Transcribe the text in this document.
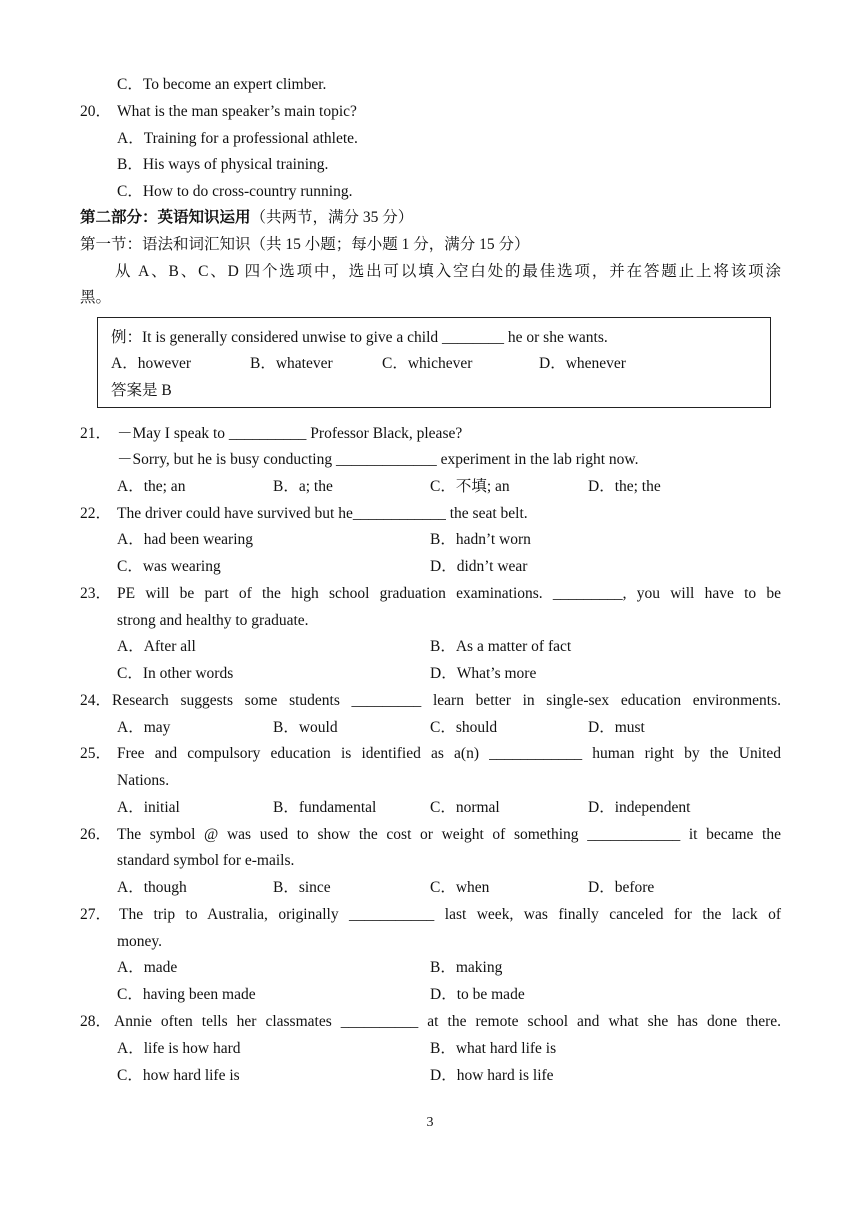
C．To become an expert climber.
20． What is the man speaker’s main topic?
A．Training for a professional athlete.
B．His ways of physical training.
C．How to do cross-country running.
第二部分：英语知识运用（共两节，满分 35 分）
第一节：语法和词汇知识（共 15 小题；每小题 1 分，满分 15 分）
从 A、B、C、D 四个选项中，选出可以填入空白处的最佳选项，并在答题止上将该项涂
黑。
例：It is generally considered unwise to give a child ________ he or she wants.
A．however	B．whatever	C．whichever	D．whenever
答案是 B
21． －May I speak to __________ Professor Black, please?
－Sorry, but he is busy conducting _____________ experiment in the lab right now.
A．the; an	B．a; the	C．不填; an	D．the; the
22． The driver could have survived but he____________ the seat belt.
A．had been wearing	B．hadn’t worn
C．was wearing	D．didn’t wear
23． PE will be part of the high school graduation examinations. _________, you will have to be
strong and healthy to graduate.
A．After all	B．As a matter of fact
C．In other words	D．What’s more
24． Research suggests some students _________ learn better in single-sex education environments.
A．may	B．would	C．should	D．must
25． Free and compulsory education is identified as a(n) ____________ human right by the United
Nations.
A．initial	B．fundamental	C．normal	D．independent
26． The symbol @ was used to show the cost or weight of something ____________ it became the
standard symbol for e-mails.
A．though	B．since	C．when	D．before
27． The trip to Australia, originally ___________ last week, was finally canceled for the lack of
money.
A．made	B．making
C．having been made	D．to be made
28． Annie often tells her classmates __________ at the remote school and what she has done there.
A．life is how hard	B．what hard life is
C．how hard life is	D．how hard is life
3
